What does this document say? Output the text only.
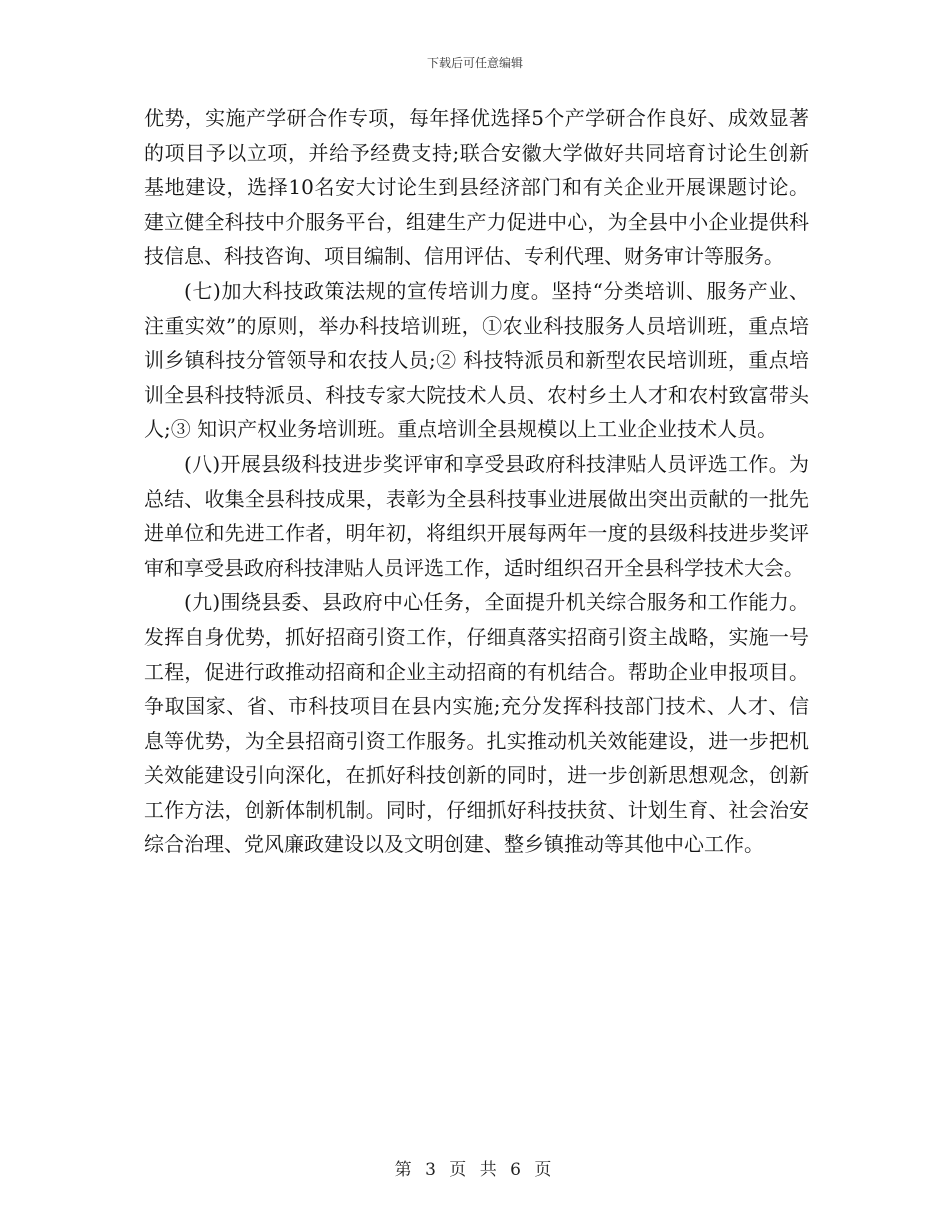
下载后可任意编辑

优势，实施产学研合作专项，每年择优选择5个产学研合作良好、成效显著的项目予以立项，并给予经费支持;联合安徽大学做好共同培育讨论生创新基地建设，选择10名安大讨论生到县经济部门和有关企业开展课题讨论。建立健全科技中介服务平台，组建生产力促进中心，为全县中小企业提供科技信息、科技咨询、项目编制、信用评估、专利代理、财务审计等服务。

(七)加大科技政策法规的宣传培训力度。坚持“分类培训、服务产业、注重实效”的原则，举办科技培训班，①农业科技服务人员培训班，重点培训乡镇科技分管领导和农技人员;② 科技特派员和新型农民培训班，重点培训全县科技特派员、科技专家大院技术人员、农村乡土人才和农村致富带头人;③ 知识产权业务培训班。重点培训全县规模以上工业企业技术人员。

(八)开展县级科技进步奖评审和享受县政府科技津贴人员评选工作。为总结、收集全县科技成果，表彰为全县科技事业进展做出突出贡献的一批先进单位和先进工作者，明年初，将组织开展每两年一度的县级科技进步奖评审和享受县政府科技津贴人员评选工作，适时组织召开全县科学技术大会。

(九)围绕县委、县政府中心任务，全面提升机关综合服务和工作能力。发挥自身优势，抓好招商引资工作，仔细真落实招商引资主战略，实施一号工程，促进行政推动招商和企业主动招商的有机结合。帮助企业申报项目。争取国家、省、市科技项目在县内实施;充分发挥科技部门技术、人才、信息等优势，为全县招商引资工作服务。扎实推动机关效能建设，进一步把机关效能建设引向深化，在抓好科技创新的同时，进一步创新思想观念，创新工作方法，创新体制机制。同时，仔细抓好科技扶贫、计划生育、社会治安综合治理、党风廉政建设以及文明创建、整乡镇推动等其他中心工作。

第 3 页 共 6 页
